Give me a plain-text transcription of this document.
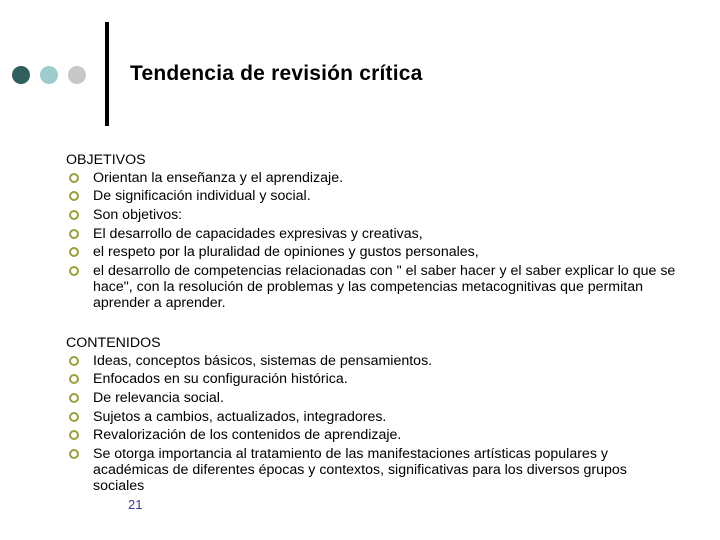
Tendencia de revisión crítica
OBJETIVOS
Orientan la enseñanza y el aprendizaje.
De significación individual y social.
Son objetivos:
El desarrollo de capacidades expresivas y creativas,
el respeto por la pluralidad de opiniones y gustos personales,
el desarrollo de competencias relacionadas con " el saber hacer y el saber explicar lo que se hace", con la resolución de problemas y las competencias metacognitivas que permitan aprender a aprender.
CONTENIDOS
Ideas, conceptos básicos, sistemas de pensamientos.
Enfocados en su configuración histórica.
De relevancia social.
Sujetos a cambios, actualizados, integradores.
Revalorización de los contenidos de aprendizaje.
Se otorga importancia al tratamiento de las manifestaciones artísticas populares y académicas de diferentes épocas y contextos, significativas para los diversos grupos sociales
21
